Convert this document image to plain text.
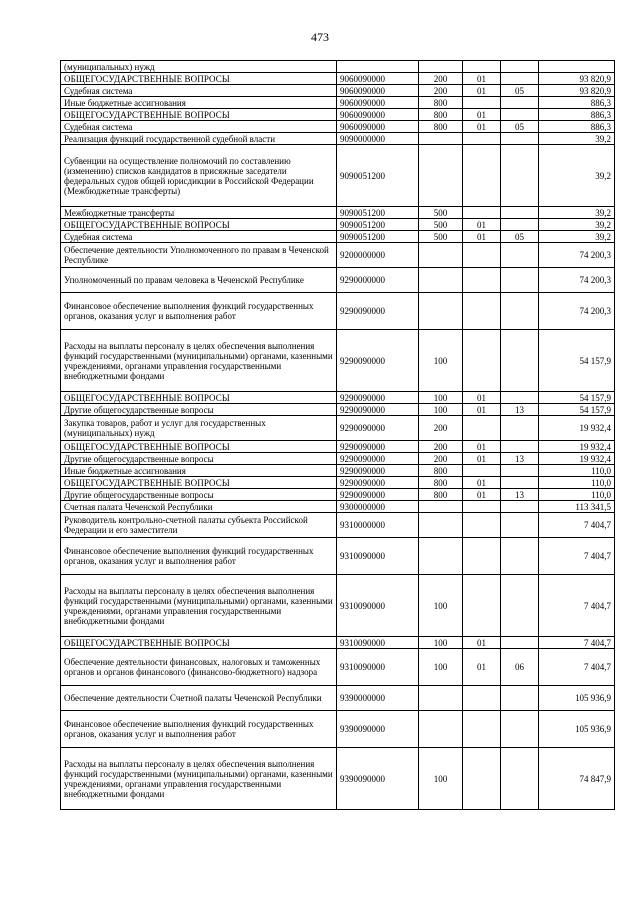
473
(муниципальных) нужд					
ОБЩЕГОСУДАРСТВЕННЫЕ ВОПРОСЫ	9060090000	200	01		93 820,9
Судебная система	9060090000	200	01	05	93 820,9
Иные бюджетные ассигнования	9060090000	800			886,3
ОБЩЕГОСУДАРСТВЕННЫЕ ВОПРОСЫ	9060090000	800	01		886,3
Судебная система	9060090000	800	01	05	886,3
Реализация функций государственной судебной власти	9090000000				39,2
Субвенции на осуществление полномочий по составлению (изменению) списков кандидатов в присяжные заседатели федеральных судов общей юрисдикции в Российской Федерации (Межбюджетные трансферты)	9090051200				39,2
Межбюджетные трансферты	9090051200	500			39,2
ОБЩЕГОСУДАРСТВЕННЫЕ ВОПРОСЫ	9090051200	500	01		39,2
Судебная система	9090051200	500	01	05	39,2
Обеспечение деятельности Уполномоченного по правам в Чеченской Республике	9200000000				74 200,3
Уполномоченный по правам человека в Чеченской Республике	9290000000				74 200,3
Финансовое обеспечение выполнения функций государственных органов, оказания услуг и выполнения работ	9290090000				74 200,3
Расходы на выплаты персоналу в целях обеспечения выполнения функций государственными (муниципальными) органами, казенными учреждениями, органами управления государственными внебюджетными фондами	9290090000	100			54 157,9
ОБЩЕГОСУДАРСТВЕННЫЕ ВОПРОСЫ	9290090000	100	01		54 157,9
Другие общегосударственные вопросы	9290090000	100	01	13	54 157,9
Закупка товаров, работ и услуг для государственных (муниципальных) нужд	9290090000	200			19 932,4
ОБЩЕГОСУДАРСТВЕННЫЕ ВОПРОСЫ	9290090000	200	01		19 932,4
Другие общегосударственные вопросы	9290090000	200	01	13	19 932,4
Иные бюджетные ассигнования	9290090000	800			110,0
ОБЩЕГОСУДАРСТВЕННЫЕ ВОПРОСЫ	9290090000	800	01		110,0
Другие общегосударственные вопросы	9290090000	800	01	13	110,0
Счетная палата Чеченской Республики	9300000000				113 341,5
Руководитель контрольно-счетной палаты субъекта Российской Федерации и его заместители	9310000000				7 404,7
Финансовое обеспечение выполнения функций государственных органов, оказания услуг и выполнения работ	9310090000				7 404,7
Расходы на выплаты персоналу в целях обеспечения выполнения функций государственными (муниципальными) органами, казенными учреждениями, органами управления государственными внебюджетными фондами	9310090000	100			7 404,7
ОБЩЕГОСУДАРСТВЕННЫЕ ВОПРОСЫ	9310090000	100	01		7 404,7
Обеспечение деятельности финансовых, налоговых и таможенных органов и органов финансового (финансово-бюджетного) надзора	9310090000	100	01	06	7 404,7
Обеспечение деятельности Счетной палаты Чеченской Республики	9390000000				105 936,9
Финансовое обеспечение выполнения функций государственных органов, оказания услуг и выполнения работ	9390090000				105 936,9
Расходы на выплаты персоналу в целях обеспечения выполнения функций государственными (муниципальными) органами, казенными учреждениями, органами управления государственными внебюджетными фондами	9390090000	100			74 847,9
